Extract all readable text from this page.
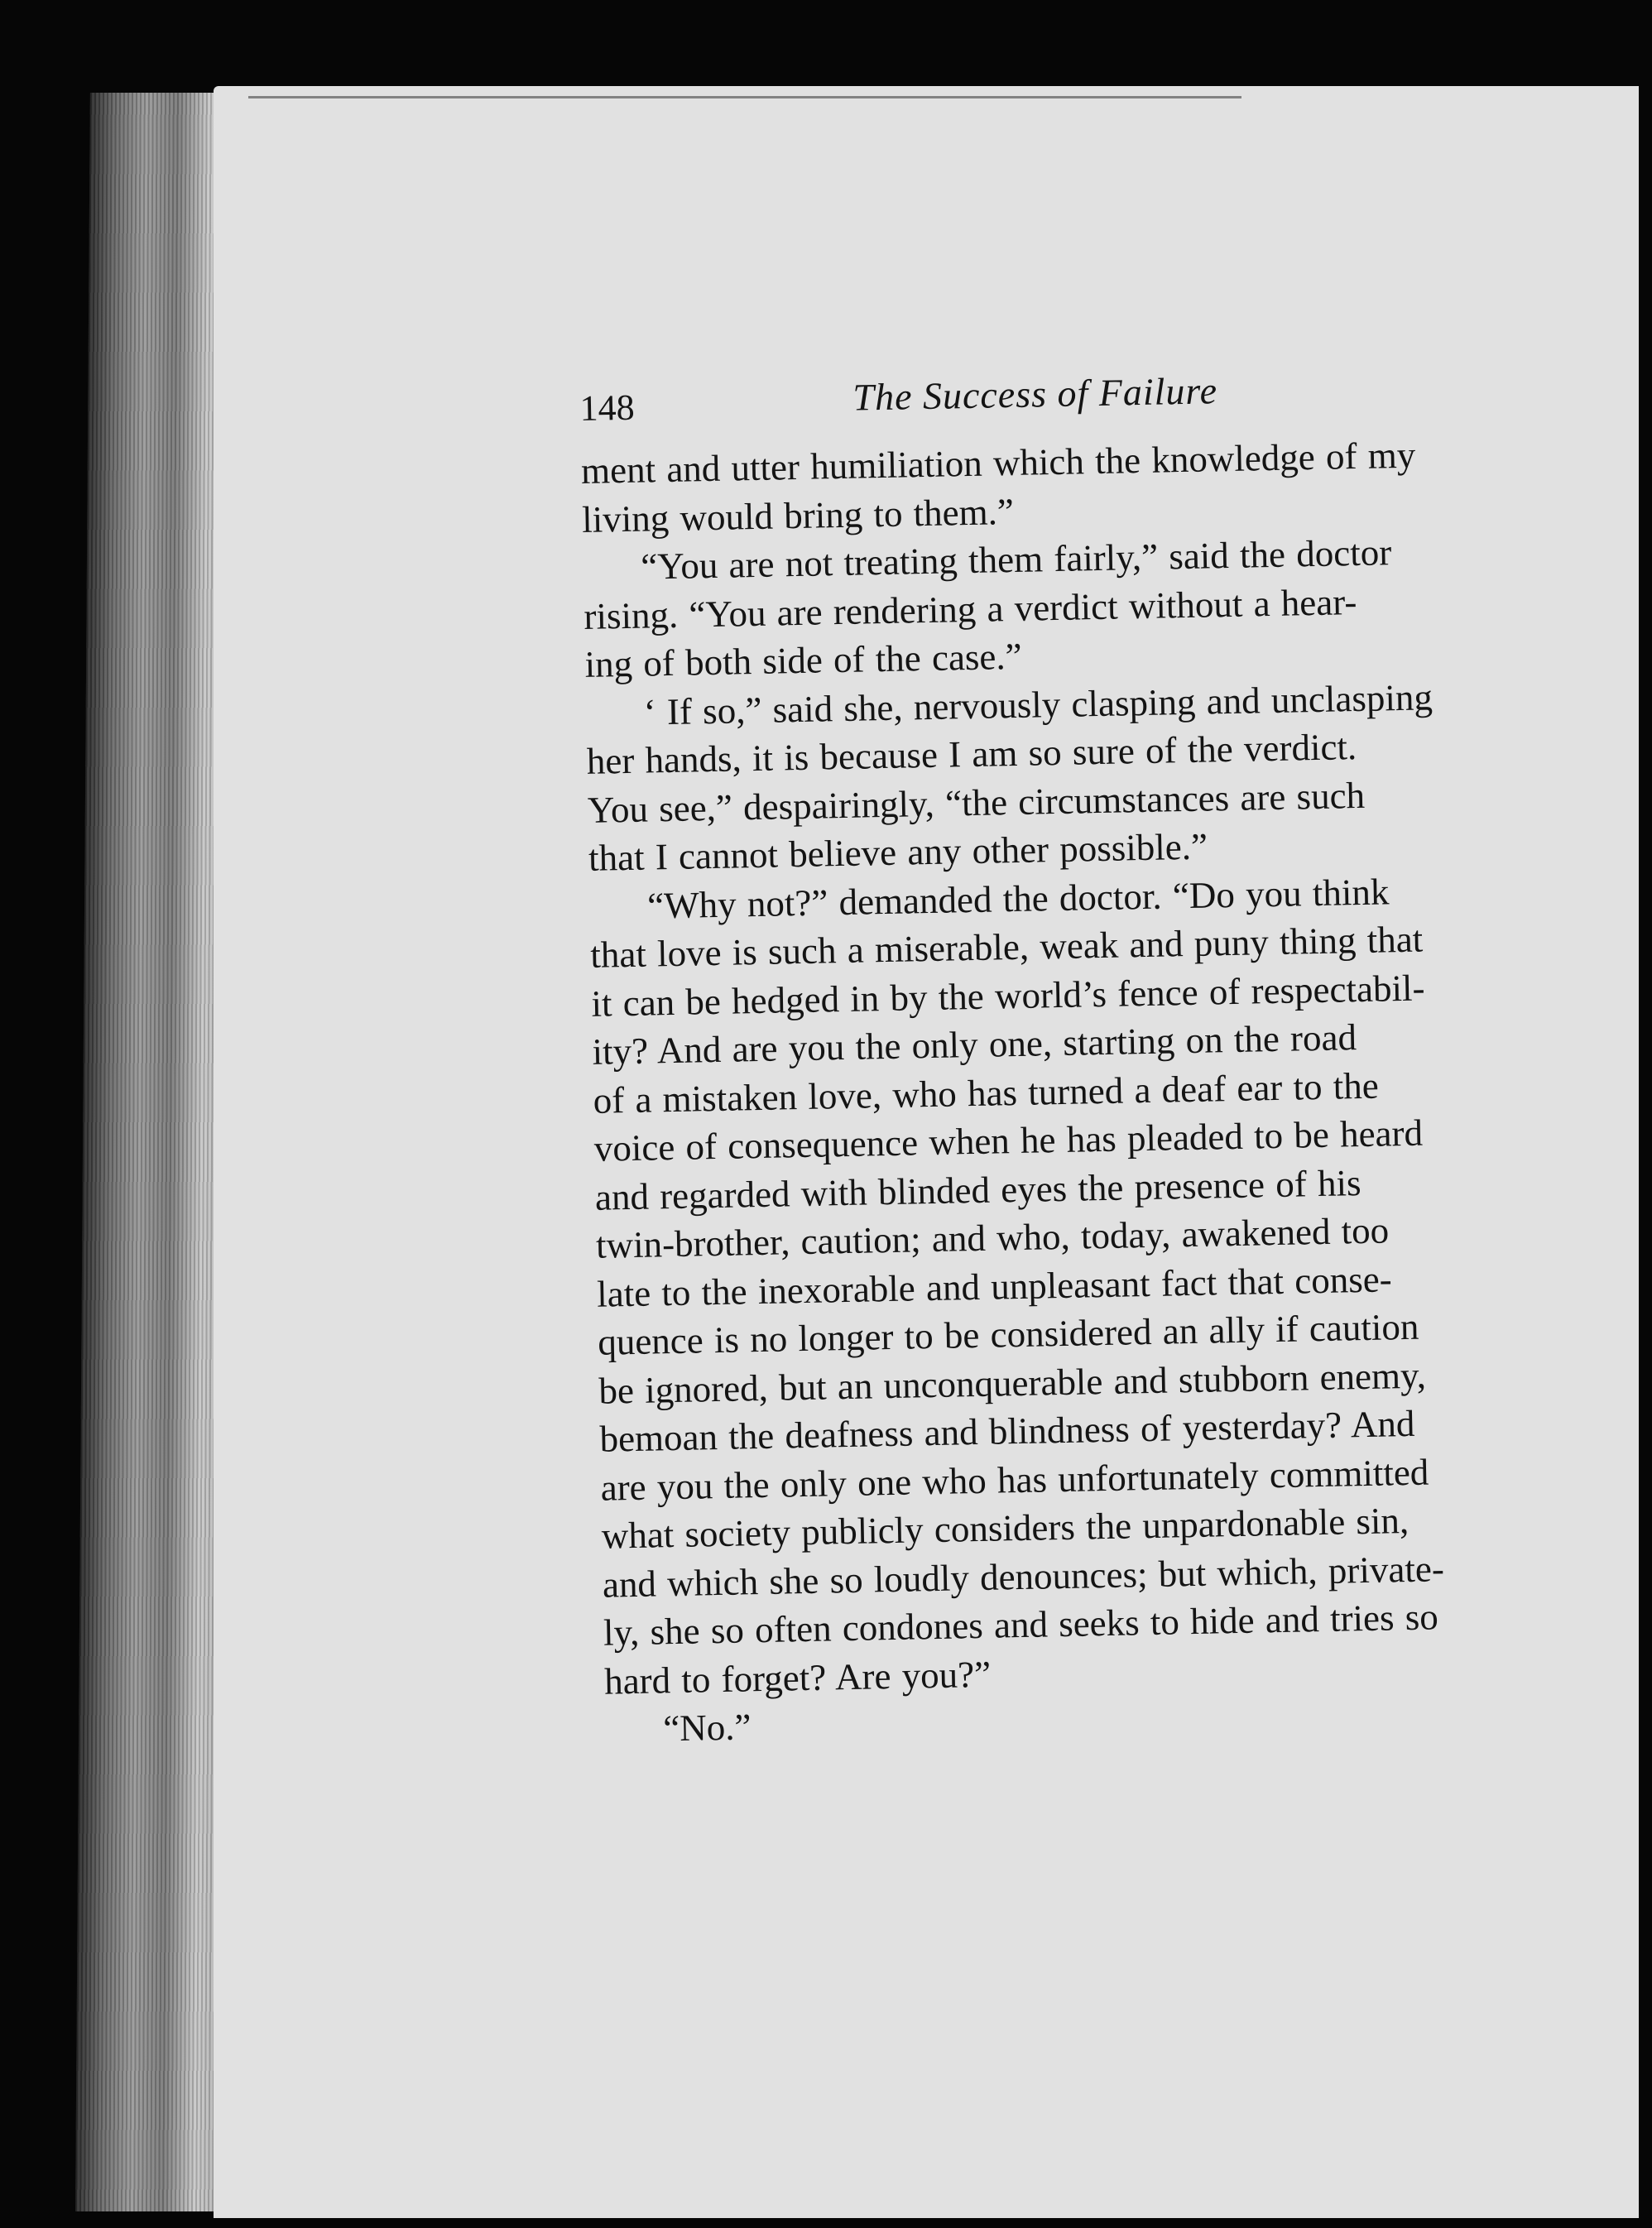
148	The Success of Failure
ment and utter humiliation which the knowledge of my
living would bring to them.”
“You are not treating them fairly,” said the doctor
rising. “You are rendering a verdict without a hear-
ing of both side of the case.”
‘ If so,” said she, nervously clasping and unclasping
her hands, it is because I am so sure of the verdict.
You see,” despairingly, “the circumstances are such
that I cannot believe any other possible.”
“Why not?” demanded the doctor. “Do you think
that love is such a miserable, weak and puny thing that
it can be hedged in by the world’s fence of respectabil-
ity? And are you the only one, starting on the road
of a mistaken love, who has turned a deaf ear to the
voice of consequence when he has pleaded to be heard
and regarded with blinded eyes the presence of his
twin-brother, caution; and who, today, awakened too
late to the inexorable and unpleasant fact that conse-
quence is no longer to be considered an ally if caution
be ignored, but an unconquerable and stubborn enemy,
bemoan the deafness and blindness of yesterday? And
are you the only one who has unfortunately committed
what society publicly considers the unpardonable sin,
and which she so loudly denounces; but which, private-
ly, she so often condones and seeks to hide and tries so
hard to forget? Are you?”
“No.”
